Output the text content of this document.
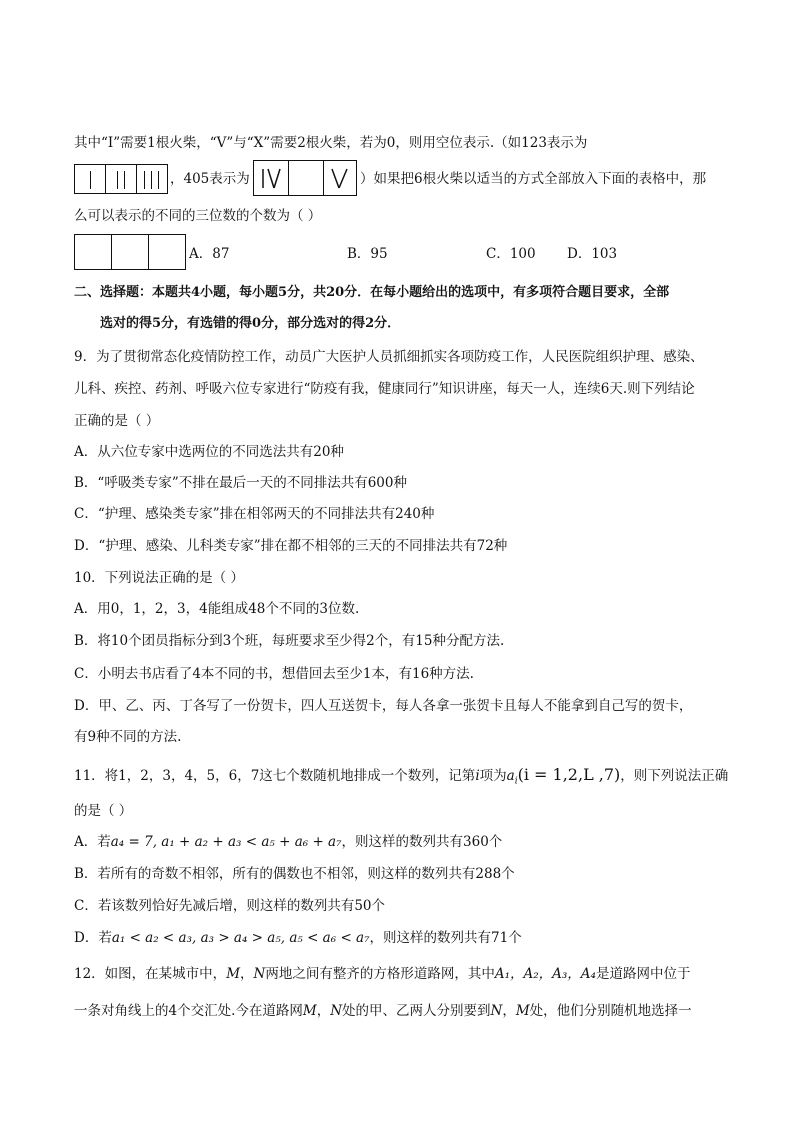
其中“Ⅰ”需要1根火柴，“Ⅴ”与“X”需要2根火柴，若为0，则用空位表示.（如123表示为
，405表示为	）如果把6根火柴以适当的方式全部放入下面的表格中，那
么可以表示的不同的三位数的个数为（ ）
A．87	B．95	C．100 D．103
二、选择题：本题共4小题，每小题5分，共20分．在每小题给出的选项中，有多项符合题目要求，全部
选对的得5分，有选错的得0分，部分选对的得2分．
9．为了贯彻常态化疫情防控工作，动员广大医护人员抓细抓实各项防疫工作，人民医院组织护理、感染、
儿科、疾控、药剂、呼吸六位专家进行“防疫有我，健康同行”知识讲座，每天一人，连续6天.则下列结论
正确的是（ ）
A．从六位专家中选两位的不同选法共有20种
B．“呼吸类专家”不排在最后一天的不同排法共有600种
C．“护理、感染类专家”排在相邻两天的不同排法共有240种
D．“护理、感染、儿科类专家”排在都不相邻的三天的不同排法共有72种
10．下列说法正确的是（ ）
A．用0，1，2，3，4能组成48个不同的3位数.
B．将10个团员指标分到3个班，每班要求至少得2个，有15种分配方法.
C．小明去书店看了4本不同的书，想借回去至少1本，有16种方法.
D．甲、乙、丙、丁各写了一份贺卡，四人互送贺卡，每人各拿一张贺卡且每人不能拿到自己写的贺卡，
有9种不同的方法.
11．将1，2，3，4，5，6，7这七个数随机地排成一个数列，记第i项为$a_i(i = 1,2,L$ ,7)，则下列说法正确
的是（ ）
A．若a₄ = 7, a₁ + a₂ + a₃ < a₅ + a₆ + a₇，则这样的数列共有360个
B．若所有的奇数不相邻，所有的偶数也不相邻，则这样的数列共有288个
C．若该数列恰好先减后增，则这样的数列共有50个
D．若a₁ < a₂ < a₃, a₃ > a₄ > a₅, a₅ < a₆ < a₇，则这样的数列共有71个
12．如图，在某城市中，M，N两地之间有整齐的方格形道路网，其中A₁，A₂，A₃，A₄是道路网中位于
一条对角线上的4个交汇处.今在道路网M，N处的甲、乙两人分别要到N，M处，他们分别随机地选择一
